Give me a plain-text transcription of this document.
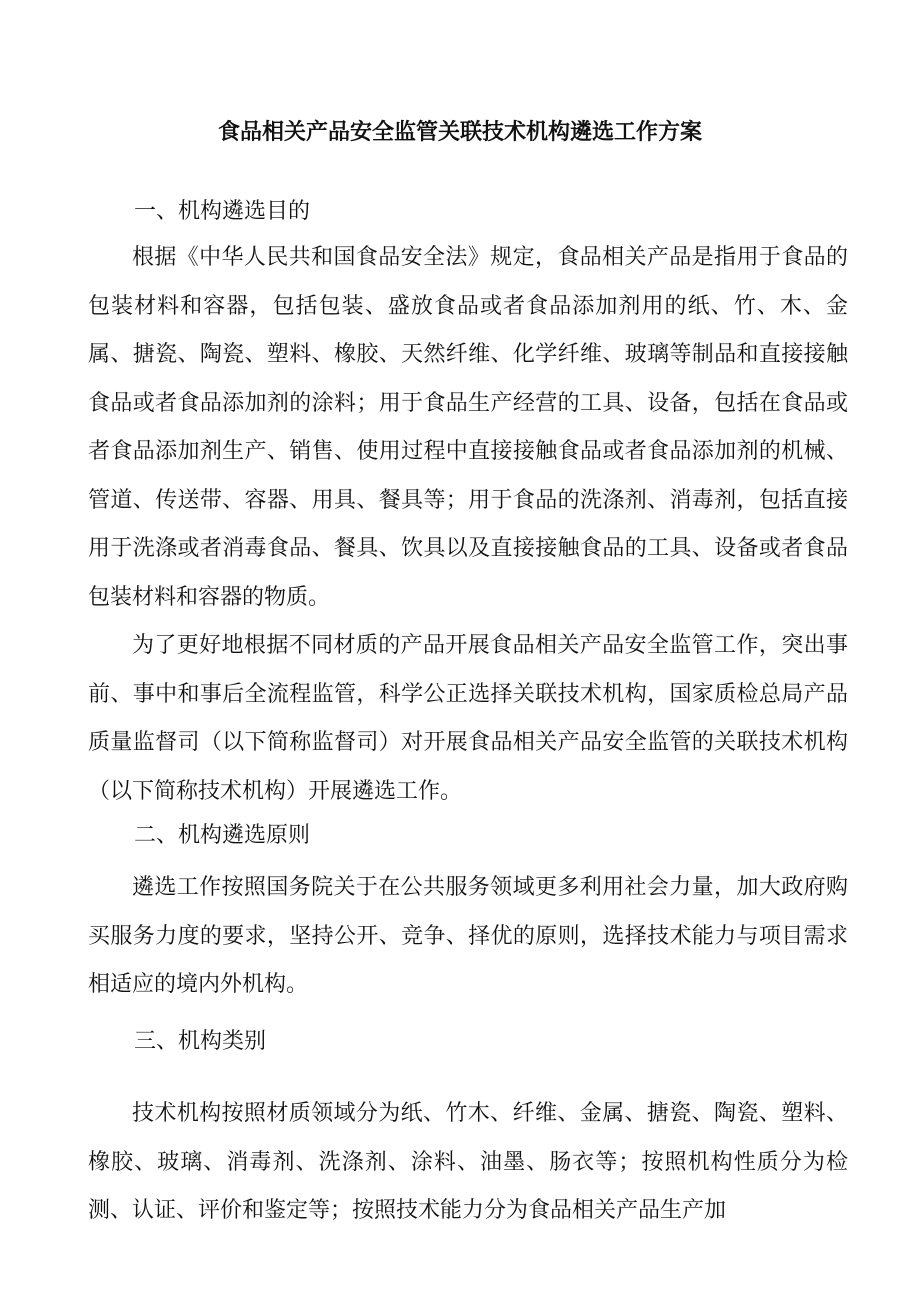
食品相关产品安全监管关联技术机构遴选工作方案
一、机构遴选目的

根据《中华人民共和国食品安全法》规定，食品相关产品是指用于食品的包装材料和容器，包括包装、盛放食品或者食品添加剂用的纸、竹、木、金属、搪瓷、陶瓷、塑料、橡胶、天然纤维、化学纤维、玻璃等制品和直接接触食品或者食品添加剂的涂料；用于食品生产经营的工具、设备，包括在食品或者食品添加剂生产、销售、使用过程中直接接触食品或者食品添加剂的机械、管道、传送带、容器、用具、餐具等；用于食品的洗涤剂、消毒剂，包括直接用于洗涤或者消毒食品、餐具、饮具以及直接接触食品的工具、设备或者食品包装材料和容器的物质。

为了更好地根据不同材质的产品开展食品相关产品安全监管工作，突出事前、事中和事后全流程监管，科学公正选择关联技术机构，国家质检总局产品质量监督司（以下简称监督司）对开展食品相关产品安全监管的关联技术机构（以下简称技术机构）开展遴选工作。

二、机构遴选原则

遴选工作按照国务院关于在公共服务领域更多利用社会力量，加大政府购买服务力度的要求，坚持公开、竞争、择优的原则，选择技术能力与项目需求相适应的境内外机构。

三、机构类别

技术机构按照材质领域分为纸、竹木、纤维、金属、搪瓷、陶瓷、塑料、橡胶、玻璃、消毒剂、洗涤剂、涂料、油墨、肠衣等；按照机构性质分为检测、认证、评价和鉴定等；按照技术能力分为食品相关产品生产加
